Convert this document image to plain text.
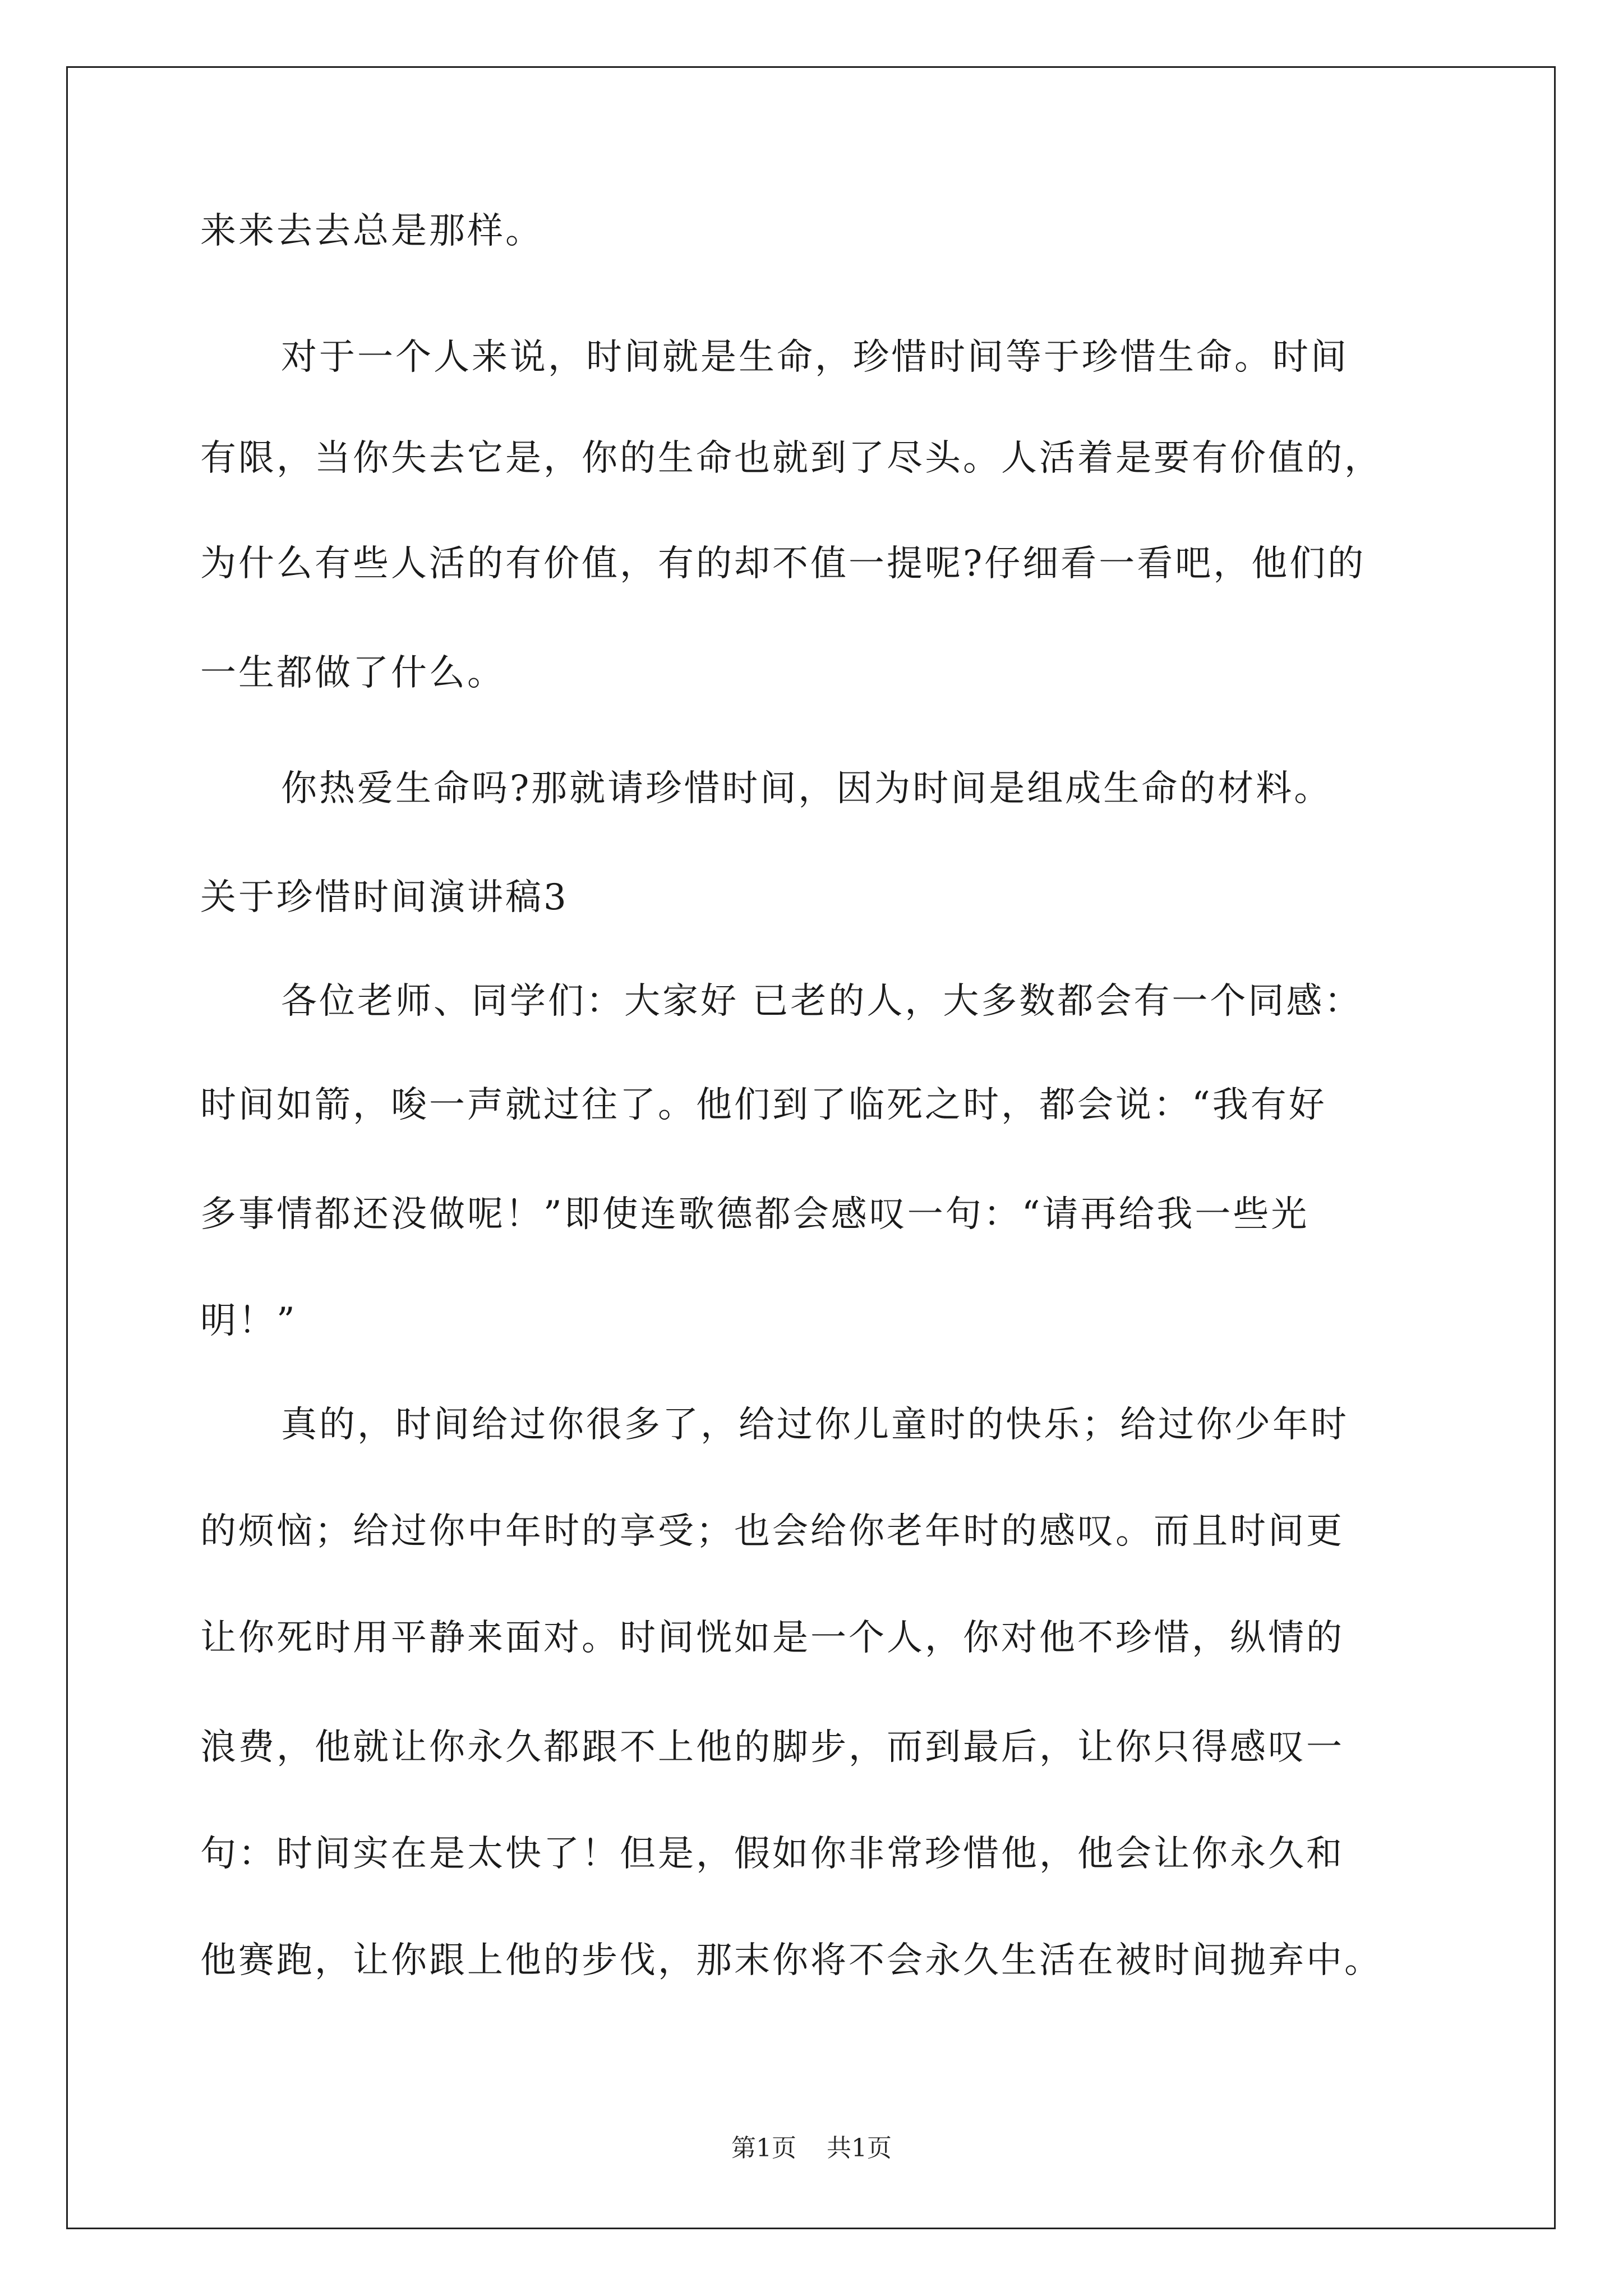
来来去去总是那样。
对于一个人来说，时间就是生命，珍惜时间等于珍惜生命。时间
有限，当你失去它是，你的生命也就到了尽头。人活着是要有价值的，
为什么有些人活的有价值，有的却不值一提呢?仔细看一看吧，他们的
一生都做了什么。
你热爱生命吗?那就请珍惜时间，因为时间是组成生命的材料。
关于珍惜时间演讲稿3
各位老师、同学们：大家好 已老的人，大多数都会有一个同感：
时间如箭，唆一声就过往了。他们到了临死之时，都会说：“我有好
多事情都还没做呢！”即使连歌德都会感叹一句：“请再给我一些光
明！”
真的，时间给过你很多了，给过你儿童时的快乐；给过你少年时
的烦恼；给过你中年时的享受；也会给你老年时的感叹。而且时间更
让你死时用平静来面对。时间恍如是一个人，你对他不珍惜，纵情的
浪费，他就让你永久都跟不上他的脚步，而到最后，让你只得感叹一
句：时间实在是太快了！但是，假如你非常珍惜他，他会让你永久和
他赛跑，让你跟上他的步伐，那末你将不会永久生活在被时间抛弃中。
第1页 共1页
